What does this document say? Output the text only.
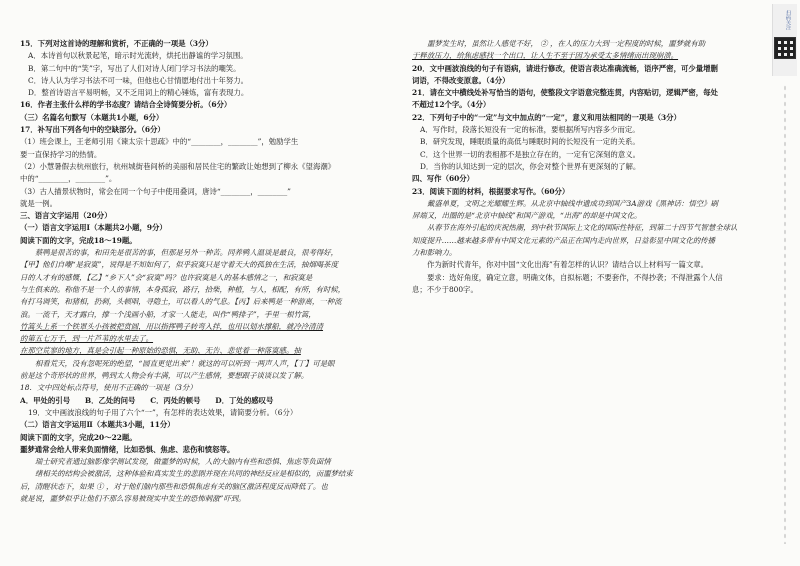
15．下列对这首诗的理解和赏析，不正确的一项是（3分）
A．本诗首句以秋景起笔，暗示时光流转，烘托出静谧的学习氛围。
B．第二句中的“笑”字，写出了人们对诗人闭门学习书法的嘲笑。
C．诗人认为学习书法不可一味，但他也心甘情愿地付出十年努力。
D．整首诗语言平易明畅，又不乏用词上的精心锤炼，富有表现力。
16．作者主张什么样的学书态度？请结合全诗简要分析。（6分）
（三）名篇名句默写（本题共1小题，6分）
17．补写出下列各句中的空缺部分。（6分）
（1）班会课上，王老师引用《谏太宗十思疏》中的“________，________”，勉励学生
要一直保持学习的热情。
（2）小慧暑假去杭州旅行，杭州城街巷间桥的美丽和居民住宅的繁政让她想到了柳永《望海潮》
中的“________，________”。
（3）古人描景状物时，常会在同一个句子中使用叠词，唐诗“________，________”
就是一例。
三、语言文字运用（20分）
（一）语言文字运用Ⅰ（本题共2小题，9分）
阅读下面的文字，完成18～19题。
蔡鸭是很苦的事，和田先是很苦的事，但那是另外一种苦。同养鸭人温谈是最良，很考得好，
【甲】他们自嘲“是寂寞”，说得是不知如何了，似乎寂寞只是守着天大的孤独在生活，抽烟喝茶度
日的人才有的感慨，【乙】“乡下人”会“寂寞”吗？也许寂寞是人的基本感情之一，和寂寞是
与生俱来的。称他不是一个人的事情，本身孤寂，路行，拾柴，种植，与人，相配，有所，有时候，
有打马调笑，和猪相，扔刺，头顿唱，寻隐土，可以看人的气息。【丙】后来鸭是一种游离，一种流
浪。一流千，天才露白，撑一个浅画小船，才家一人能走，叫作“鸭排子”，手里一根竹篙，
竹篙头上系一个铁罩头小孩被把赏圆，用以指挥鸭子转弯入拌，也用以划水撑船，就冷冷清清
的第五七万千，到一片芦苇的水里去了。
在那空荒寥的地方，真是会引起一种原始的恐惧，无助、无告、悲觉着一种落寞感。抽
相看荒天，没有忽呢死的绝望，“圆直更觉出来”！就这的可以听到一两声人声，【丁】可是眼
前是这个奇形状的世界，鸭到太人物会有丰满，可以产生感情，要想跟子谈谈以发了解。
18．文中四处标点符号，使用不正确的一项是（3分）
A．甲处的引号　　B．乙处的问号　　C．丙处的顿号　　D．丁处的感叹号
19．文中画波浪线的句子用了六个“一”，有怎样的表达效果，请简要分析。（6分）
（二）语言文字运用Ⅱ（本题共3小题，11分）
阅读下面的文字，完成20～22题。
噩梦通常会给人带来负面情绪，比如恐惧、焦虑、悲伤和愤怒等。
瑞士研究者通过脑影像学测试发现，做噩梦的时候，人的大脑内有些和恐惧、焦虑等负面情
绪相关的结构会被激活，这种体验和真实发生的悲剧并现在共同的神经反应是相似的，而噩梦结束
后，清醒状态下，如果 ① ，对于他们脑内那些和恐惧焦虑有关的脑区激活程度反而降低了。也
就是说，噩梦似乎让他们不那么容易被现实中发生的恐怖刺激”吓到。
噩梦发生时，虽然让人感觉不好， ② ，在人的压力大到一定程度的时候，噩梦就有助
于释放压力，给焦虑感找一个出口，让人生不至于因为承受太多情绪而出现崩溃。
20．文中画波浪线的句子有语病，请进行修改，使语言表达准确流畅，语序严密，可少量增删
词语，不得改变原意。（4分）
21．请在文中横线处补写恰当的语句，使整段文字语意完整连贯，内容贴切，逻辑严密，每处
不超过12个字。（4分）
22．下列句子中的“一定”与文中加点的“一定”，意义和用法相同的一项是（3分）
A．写作时，段落长短没有一定的标准，要根据所写内容多少而定。
B．研究发现，睡眠质量的高低与睡眠时间的长短没有一定的关系。
C．这个世界一切的表相都不是独立存在的，一定有它深刻的意义。
D．当你的认知达到一定的层次，你会对整个世界有更深刻的了解。
四、写作（60分）
23．阅读下面的材料，根据要求写作。（60分）
戴盛单夏，文明之光耀耀生辉。从北京中轴线申遗成功到国产3A游戏《黑神话：悟空》刷
屏端又，出圈的是“北京中轴线”和国产游戏，“出海”的却是中国文化。
从春节在海外引起的庆祝热潮，到中秋节国际上文化的国际性特征，到第二十四节气智慧全球认
知度提升……越来越多带有中国文化元素的产品正在国内走向世界，日益彰显中国文化的传播
力和影响力。
作为新时代青年，你对中国“文化出海”有着怎样的认识？请结合以上材料写一篇文章。
要求：选好角度，确定立意，明确文体，自拟标题；不要套作，不得抄袭；不得泄露个人信
息；不少于800字。
扫码关注
